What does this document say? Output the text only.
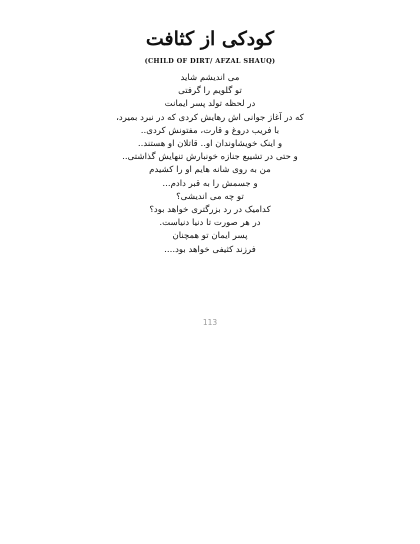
کودکی از کثافت
(CHILD OF DIRT/ AFZAL SHAUQ)
می اندیشم شاید
تو گلویم را گرفتی
در لحظه تولد پسر ایمانت
که در آغاز جوانی اش رهایش کردی که در نبرد بمیرد،
با فریب دروغ و قارت، مفتونش کردی..
و اینک خویشاوندان او.. قاتلان او هستند..
و حتی در تشییع جنازه خونبارش تنهایش گذاشتی..
من به روی شانه هایم او را کشیدم
و جسمش را به قبر دادم...
تو چه می اندیشی؟
کدامیک در رد بزرگتری خواهد بود؟
در هر صورت تا دنیا دنیاست.
پسر ایمان تو همچنان
فرزند کثیفی خواهد بود....
113
